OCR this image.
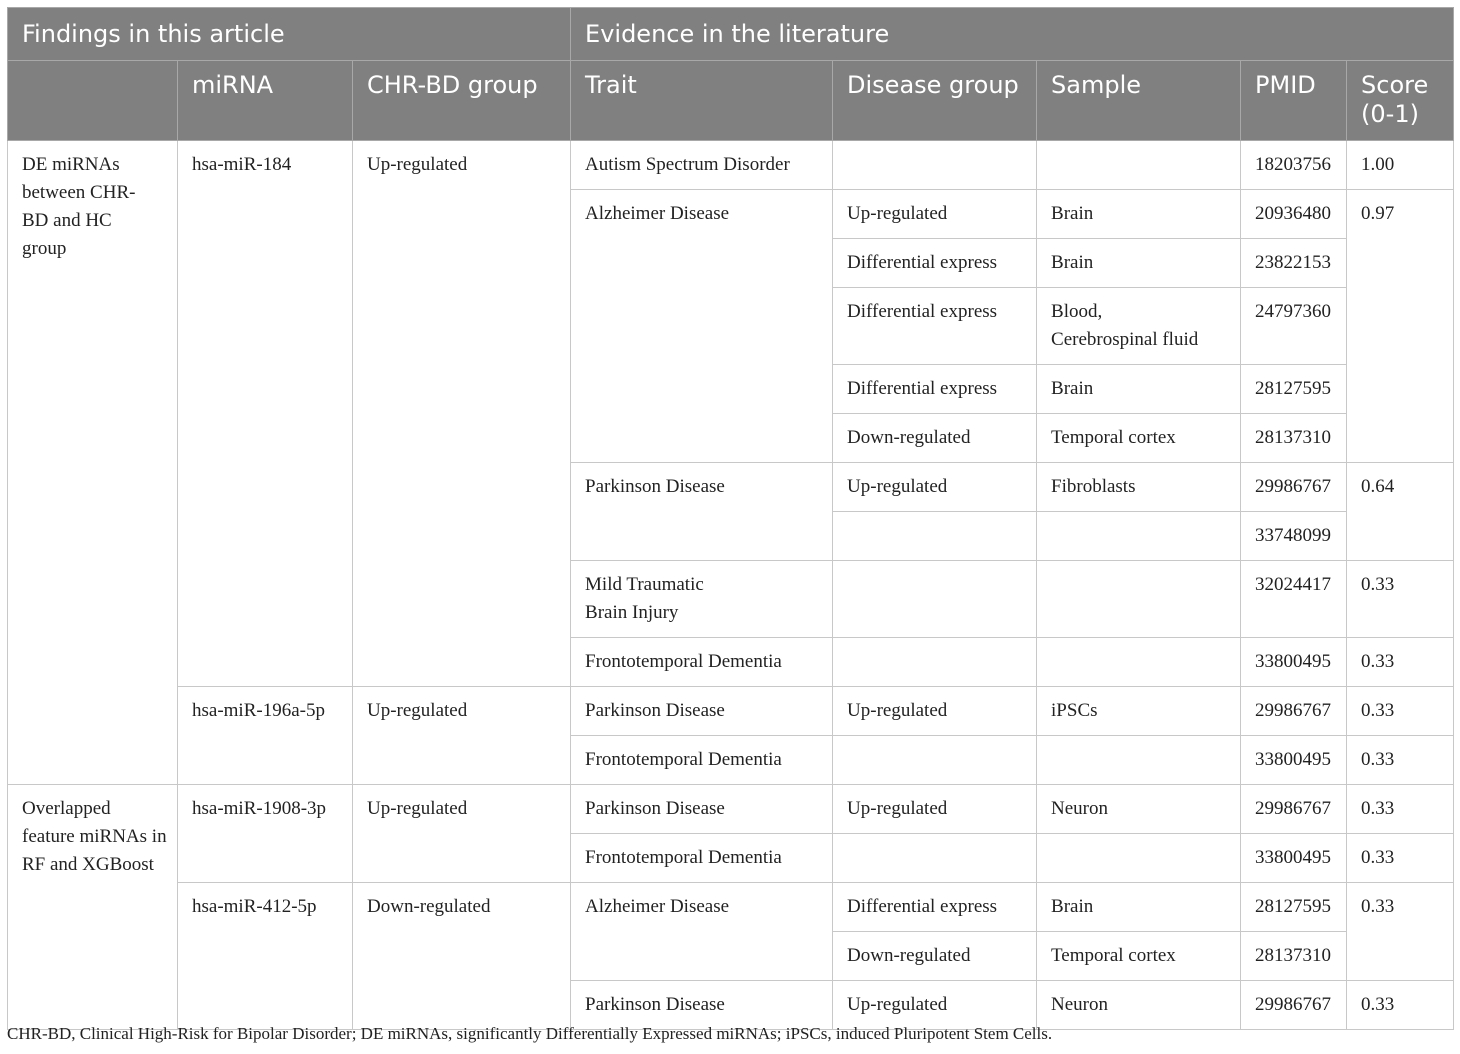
Findings in this article			Evidence in the literature				
	miRNA	CHR-BD group	Trait	Disease group	Sample	PMID	Score (0-1)
DE miRNAs between CHR-BD and HC group	hsa-miR-184	Up-regulated	Autism Spectrum Disorder			18203756	1.00
			Alzheimer Disease	Up-regulated	Brain	20936480	0.97
				Differential express	Brain	23822153	
				Differential express	Blood, Cerebrospinal fluid	24797360	
				Differential express	Brain	28127595	
				Down-regulated	Temporal cortex	28137310	
			Parkinson Disease	Up-regulated	Fibroblasts	29986767	0.64
						33748099	
			Mild Traumatic Brain Injury			32024417	0.33
			Frontotemporal Dementia			33800495	0.33
	hsa-miR-196a-5p	Up-regulated	Parkinson Disease	Up-regulated	iPSCs	29986767	0.33
			Frontotemporal Dementia			33800495	0.33
Overlapped feature miRNAs in RF and XGBoost	hsa-miR-1908-3p	Up-regulated	Parkinson Disease	Up-regulated	Neuron	29986767	0.33
			Frontotemporal Dementia			33800495	0.33
	hsa-miR-412-5p	Down-regulated	Alzheimer Disease	Differential express	Brain	28127595	0.33
				Down-regulated	Temporal cortex	28137310	
			Parkinson Disease	Up-regulated	Neuron	29986767	0.33
CHR-BD, Clinical High-Risk for Bipolar Disorder; DE miRNAs, significantly Differentially Expressed miRNAs; iPSCs, induced Pluripotent Stem Cells.
